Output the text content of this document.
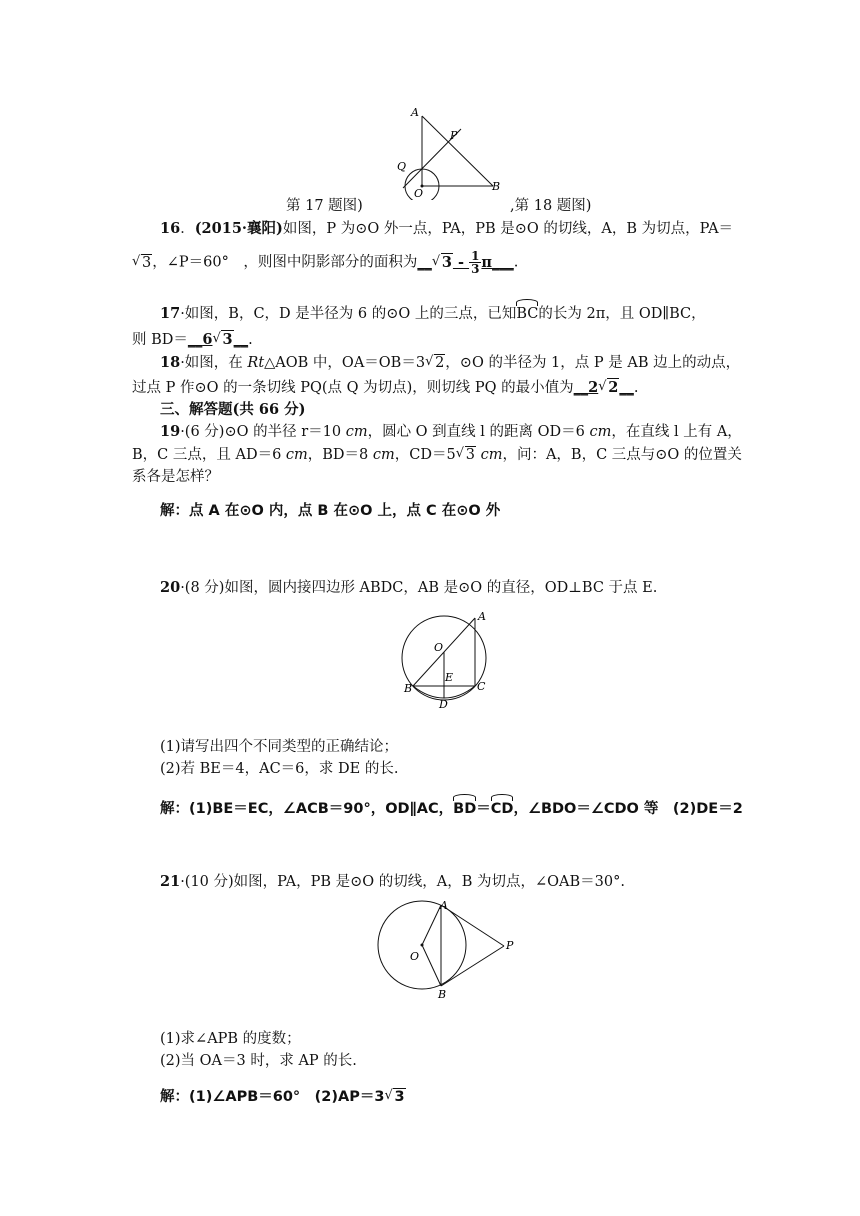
A
P
Q
O
B
第 17 题图)	,第 18 题图)
16．(2015·襄阳)如图，P 为⊙O 外一点，PA，PB 是⊙O 的切线，A，B 为切点，PA＝
√ 3，∠P＝60°　，则图中阴影部分的面积为__ √ $3 - \frac{1}{3}$ π___.
17·如图，B，C，D 是半径为 6 的⊙O 上的三点，已知BC的长为 2π，且 OD∥BC，
则 BD＝__6 √ 3__.
18·如图，在 Rt△AOB 中，OA＝OB＝3 √ 2，⊙O 的半径为 1，点 P 是 AB 边上的动点，
过点 P 作⊙O 的一条切线 PQ(点 Q 为切点)，则切线 PQ 的最小值为__2 √ 2__.
三、解答题(共 66 分)
19·(6 分)⊙O 的半径 r＝10 cm，圆心 O 到直线 l 的距离 OD＝6 cm，在直线 l 上有 A，
B，C 三点，且 AD＝6 cm，BD＝8 cm，CD＝5 √ 3 cm，问：A，B，C 三点与⊙O 的位置关
系各是怎样？
解：点 A 在⊙O 内，点 B 在⊙O 上，点 C 在⊙O 外
20·(8 分)如图，圆内接四边形 ABDC，AB 是⊙O 的直径，OD⊥BC 于点 E.
A
O
E
B	C
D
(1)请写出四个不同类型的正确结论；
(2)若 BE＝4，AC＝6，求 DE 的长.
解：(1)BE＝EC，∠ACB＝90°，OD∥AC，BD＝CD，∠BDO＝∠CDO 等　(2)DE＝2
21·(10 分)如图，PA，PB 是⊙O 的切线，A，B 为切点，∠OAB＝30°.
A
O
P
B
(1)求∠APB 的度数；
(2)当 OA＝3 时，求 AP 的长.
解：(1)∠APB＝60°　(2)AP＝3 √ 3
